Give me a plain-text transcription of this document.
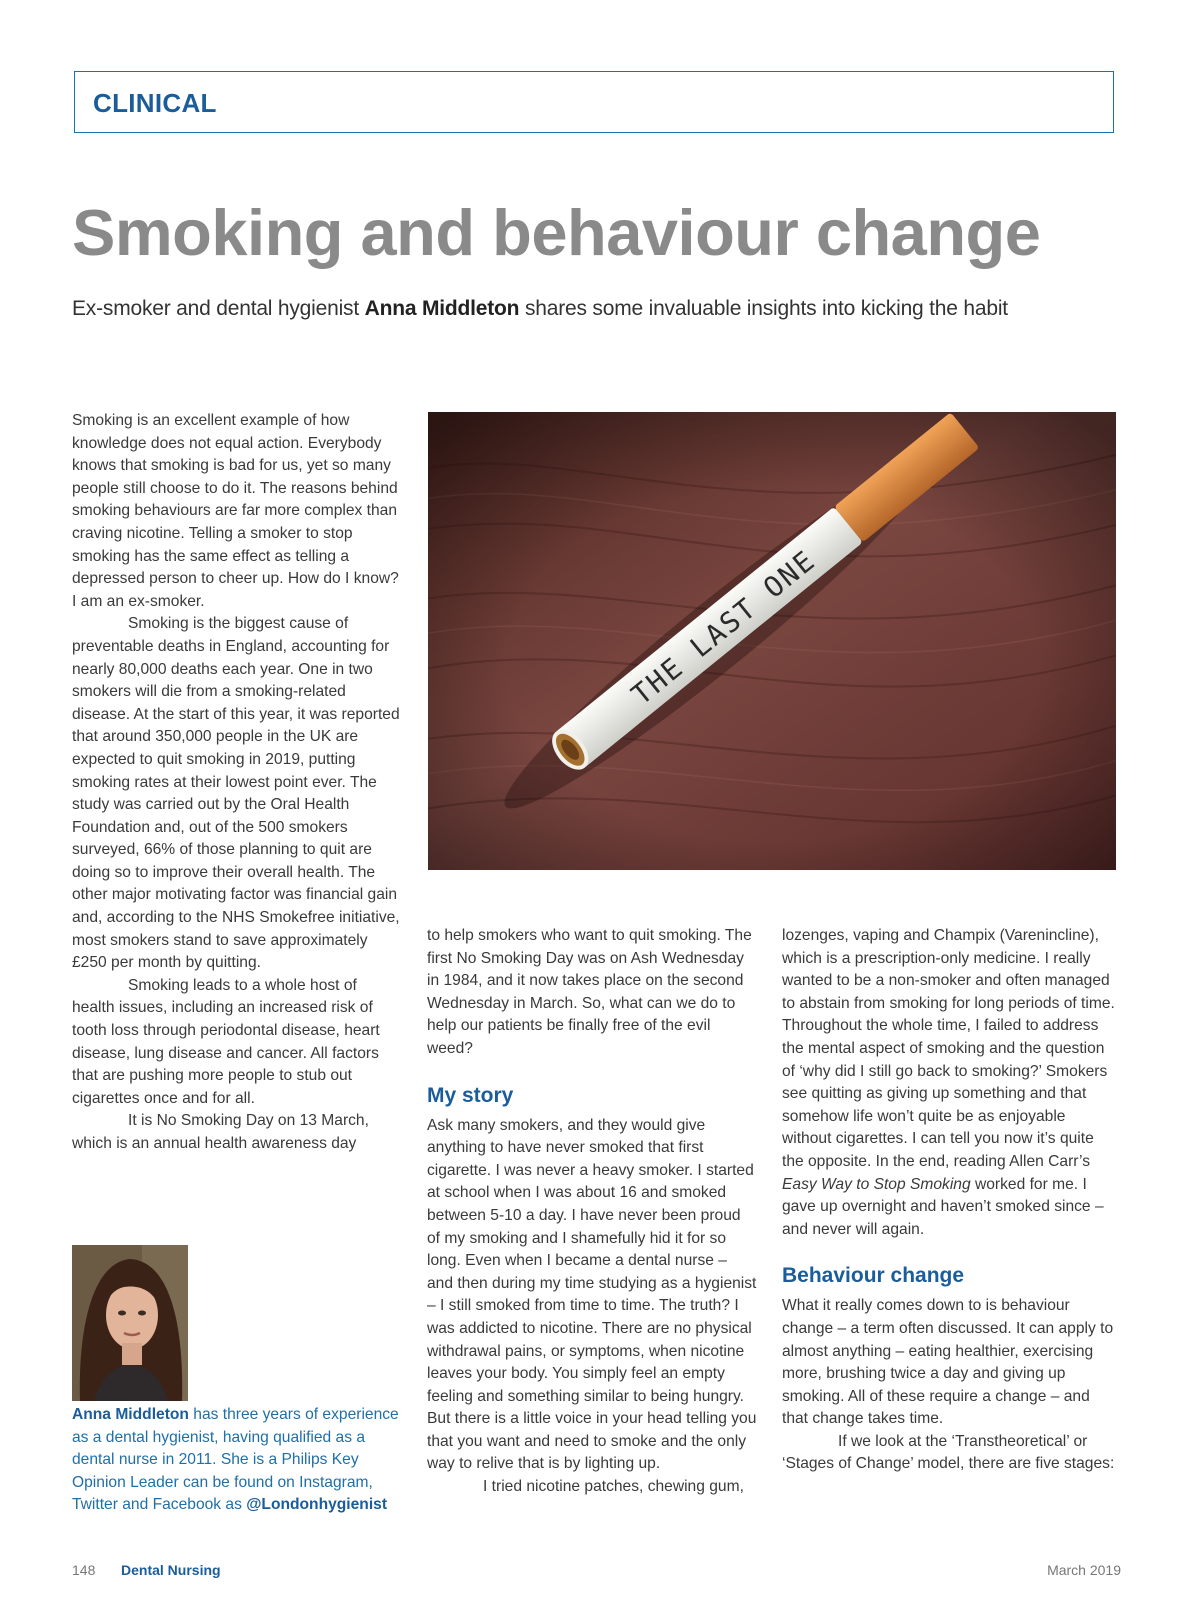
CLINICAL
Smoking and behaviour change

Ex-smoker and dental hygienist Anna Middleton shares some invaluable insights into kicking the habit

Smoking is an excellent example of how knowledge does not equal action. Everybody knows that smoking is bad for us, yet so many people still choose to do it. The reasons behind smoking behaviours are far more complex than craving nicotine. Telling a smoker to stop smoking has the same effect as telling a depressed person to cheer up. How do I know? I am an ex-smoker.

Smoking is the biggest cause of preventable deaths in England, accounting for nearly 80,000 deaths each year. One in two smokers will die from a smoking-related disease. At the start of this year, it was reported that around 350,000 people in the UK are expected to quit smoking in 2019, putting smoking rates at their lowest point ever. The study was carried out by the Oral Health Foundation and, out of the 500 smokers surveyed, 66% of those planning to quit are doing so to improve their overall health. The other major motivating factor was financial gain and, according to the NHS Smokefree initiative, most smokers stand to save approximately £250 per month by quitting.

Smoking leads to a whole host of health issues, including an increased risk of tooth loss through periodontal disease, heart disease, lung disease and cancer. All factors that are pushing more people to stub out cigarettes once and for all.

It is No Smoking Day on 13 March, which is an annual health awareness day

THE LAST ONE

to help smokers who want to quit smoking. The first No Smoking Day was on Ash Wednesday in 1984, and it now takes place on the second Wednesday in March. So, what can we do to help our patients be finally free of the evil weed?

My story

Ask many smokers, and they would give anything to have never smoked that first cigarette. I was never a heavy smoker. I started at school when I was about 16 and smoked between 5-10 a day. I have never been proud of my smoking and I shamefully hid it for so long. Even when I became a dental nurse – and then during my time studying as a hygienist – I still smoked from time to time. The truth? I was addicted to nicotine. There are no physical withdrawal pains, or symptoms, when nicotine leaves your body. You simply feel an empty feeling and something similar to being hungry. But there is a little voice in your head telling you that you want and need to smoke and the only way to relive that is by lighting up.

I tried nicotine patches, chewing gum,

lozenges, vaping and Champix (Varenincline), which is a prescription-only medicine. I really wanted to be a non-smoker and often managed to abstain from smoking for long periods of time. Throughout the whole time, I failed to address the mental aspect of smoking and the question of ‘why did I still go back to smoking?’ Smokers see quitting as giving up something and that somehow life won’t quite be as enjoyable without cigarettes. I can tell you now it’s quite the opposite. In the end, reading Allen Carr’s Easy Way to Stop Smoking worked for me. I gave up overnight and haven’t smoked since – and never will again.

Behaviour change

What it really comes down to is behaviour change – a term often discussed. It can apply to almost anything – eating healthier, exercising more, brushing twice a day and giving up smoking. All of these require a change – and that change takes time.

If we look at the ‘Transtheoretical’ or ‘Stages of Change’ model, there are five stages:

Anna Middleton has three years of experience as a dental hygienist, having qualified as a dental nurse in 2011. She is a Philips Key Opinion Leader can be found on Instagram, Twitter and Facebook as @Londonhygienist

148 Dental Nursing	March 2019
